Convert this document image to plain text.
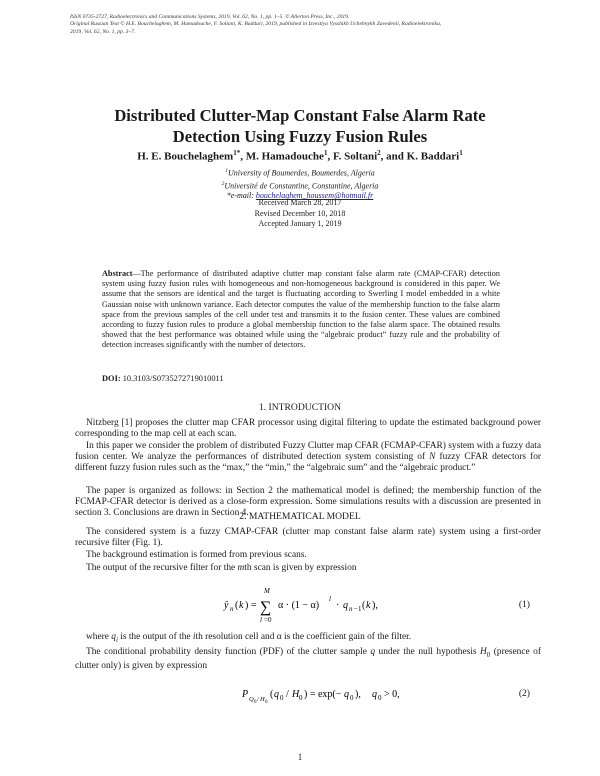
ISSN 0735-2727, Radioelectronics and Communications Systems, 2019, Vol. 62, No. 1, pp. 1–5. © Allerton Press, Inc., 2019.
Original Russian Text © H.E. Bouchelaghem, M. Hamadouche, F. Soltani, K. Baddari, 2019, published in Izvestiya Vysshikh Uchebnykh Zavedenii, Radioelektronika,
2019, Vol. 62, No. 1, pp. 3–7.
Distributed Clutter-Map Constant False Alarm Rate
Detection Using Fuzzy Fusion Rules
H. E. Bouchelaghem$^{1*}$, M. Hamadouche$^1$, F. Soltani$^2$, and K. Baddari$^1$
$^1$University of Boumerdes, Boumerdes, Algeria
$^2$Université de Constantine, Constantine, Algeria
*e-mail: bouchelaghem_houssem@hotmail.fr
Received March 28, 2017
Revised December 10, 2018
Accepted January 1, 2019
Abstract—The performance of distributed adaptive clutter map constant false alarm rate (CMAP-CFAR) detection system using fuzzy fusion rules with homogeneous and non-homogeneous background is considered in this paper. We assume that the sensors are identical and the target is fluctuating according to Swerling I model embedded in a white Gaussian noise with unknown variance. Each detector computes the value of the membership function to the false alarm space from the previous samples of the cell under test and transmits it to the fusion center. These values are combined according to fuzzy fusion rules to produce a global membership function to the false alarm space. The obtained results showed that the best performance was obtained while using the “algebraic product” fuzzy rule and the probability of detection increases significantly with the number of detectors.
DOI: 10.3103/S0735272719010011
1. INTRODUCTION
Nitzberg [1] proposes the clutter map CFAR processor using digital filtering to update the estimated background power corresponding to the map cell at each scan.
In this paper we consider the problem of distributed Fuzzy Clutter map CFAR (FCMAP-CFAR) system with a fuzzy data fusion center. We analyze the performances of distributed detection system consisting of N fuzzy CFAR detectors for different fuzzy fusion rules such as the “max,” the “min,” the “algebraic sum” and the “algebraic product.”
The paper is organized as follows: in Section 2 the mathematical model is defined; the membership function of the FCMAP-CFAR detector is derived as a close-form expression. Some simulations results with a discussion are presented in section 3. Conclusions are drawn in Section 4.
2. MATHEMATICAL MODEL
The considered system is a fuzzy CMAP-CFAR (clutter map constant false alarm rate) system using a first-order recursive filter (Fig. 1).
The background estimation is formed from previous scans.
The output of the recursive filter for the mth scan is given by expression
ŷ n ( k ) =
M
∑
l =0
α · (1 − α)
l
· q n −1 ( k ),	(1)
where $q_i$ is the output of the ith resolution cell and α is the coefficient gain of the filter.
The conditional probability density function (PDF) of the clutter sample q under the null hypothesis $H_0$ (presence of clutter only) is given by expression
P Q 0 / H 0
( q 0 / H 0 ) = exp(− q 0 ), q 0 > 0,	(2)
1
